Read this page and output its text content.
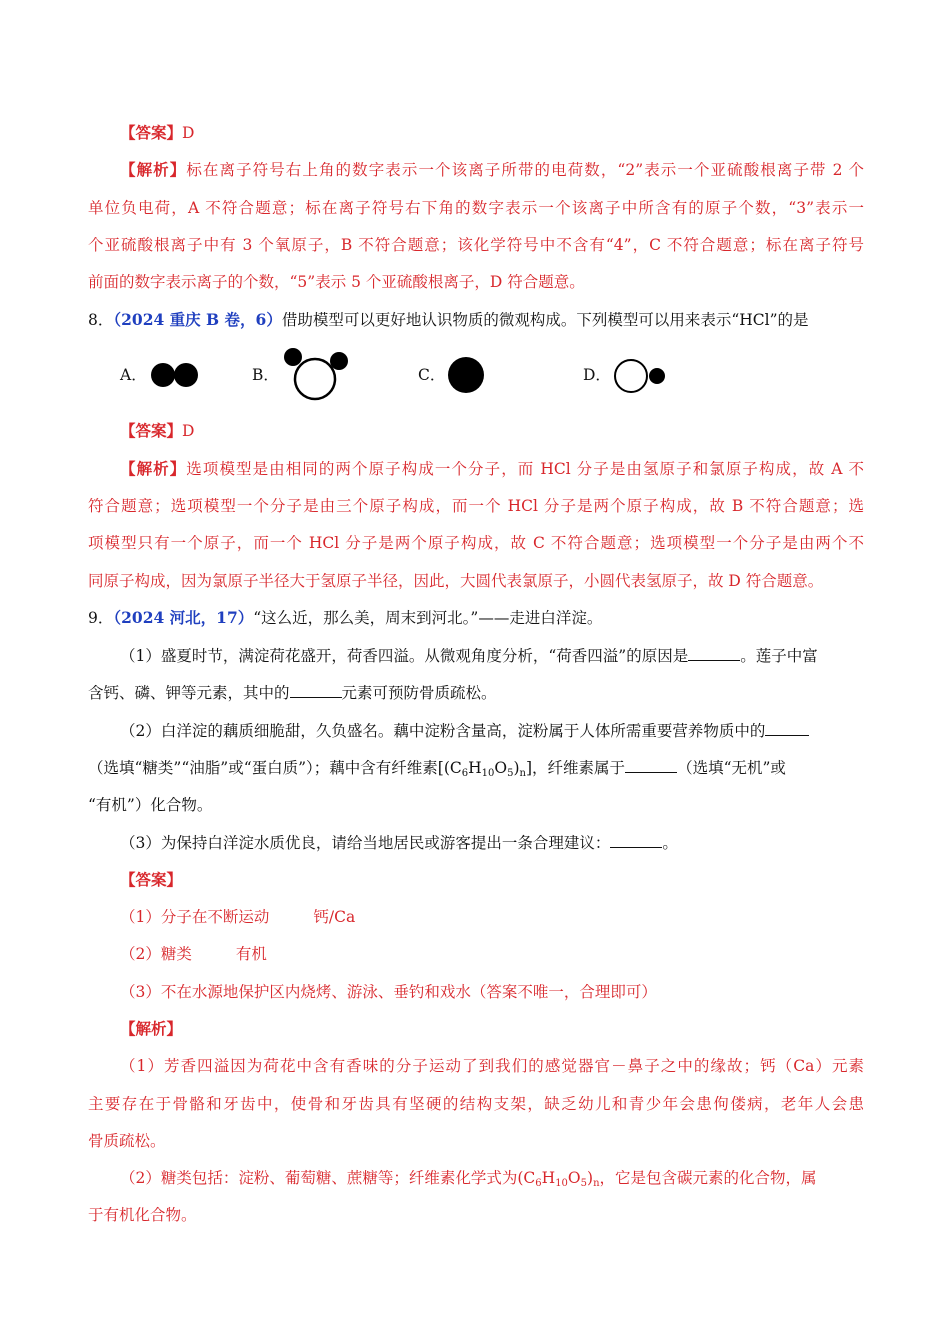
【答案】D
【解析】标在离子符号右上角的数字表示一个该离子所带的电荷数，“2”表示一个亚硫酸根离子带 2 个
单位负电荷，A 不符合题意；标在离子符号右下角的数字表示一个该离子中所含有的原子个数，“3”表示一
个亚硫酸根离子中有 3 个氧原子，B 不符合题意；该化学符号中不含有“4”，C 不符合题意；标在离子符号
前面的数字表示离子的个数，“5”表示 5 个亚硫酸根离子，D 符合题意。
8．（2024 重庆 B 卷，6）借助模型可以更好地认识物质的微观构成。下列模型可以用来表示“HCl”的是
A．	B．	C．	D．
【答案】D
【解析】选项模型是由相同的两个原子构成一个分子，而 HCl 分子是由氢原子和氯原子构成，故 A 不
符合题意；选项模型一个分子是由三个原子构成，而一个 HCl 分子是两个原子构成，故 B 不符合题意；选
项模型只有一个原子，而一个 HCl 分子是两个原子构成，故 C 不符合题意；选项模型一个分子是由两个不
同原子构成，因为氯原子半径大于氢原子半径，因此，大圆代表氯原子，小圆代表氢原子，故 D 符合题意。
9．（2024 河北，17）“这么近，那么美，周末到河北。”——走进白洋淀。
（1）盛夏时节，满淀荷花盛开，荷香四溢。从微观角度分析，“荷香四溢”的原因是	。莲子中富
含钙、磷、钾等元素，其中的	元素可预防骨质疏松。
（2）白洋淀的藕质细脆甜，久负盛名。藕中淀粉含量高，淀粉属于人体所需重要营养物质中的
（选填“糖类”“油脂”或“蛋白质”）；藕中含有纤维素$[(C_6H_{10}O_5)_n]$，纤维素属于	（选填“无机”或
“有机”）化合物。
（3）为保持白洋淀水质优良，请给当地居民或游客提出一条合理建议：	。
【答案】
（1）分子在不断运动	钙/Ca
（2）糖类	有机
（3）不在水源地保护区内烧烤、游泳、垂钓和戏水（答案不唯一，合理即可）
【解析】
（1）芳香四溢因为荷花中含有香味的分子运动了到我们的感觉器官－鼻子之中的缘故；钙（Ca）元素
主要存在于骨骼和牙齿中，使骨和牙齿具有坚硬的结构支架，缺乏幼儿和青少年会患佝偻病，老年人会患
骨质疏松。
（2）糖类包括：淀粉、葡萄糖、蔗糖等；纤维素化学式为$(C_6H_{10}O_5)_n$，它是包含碳元素的化合物，属
于有机化合物。
